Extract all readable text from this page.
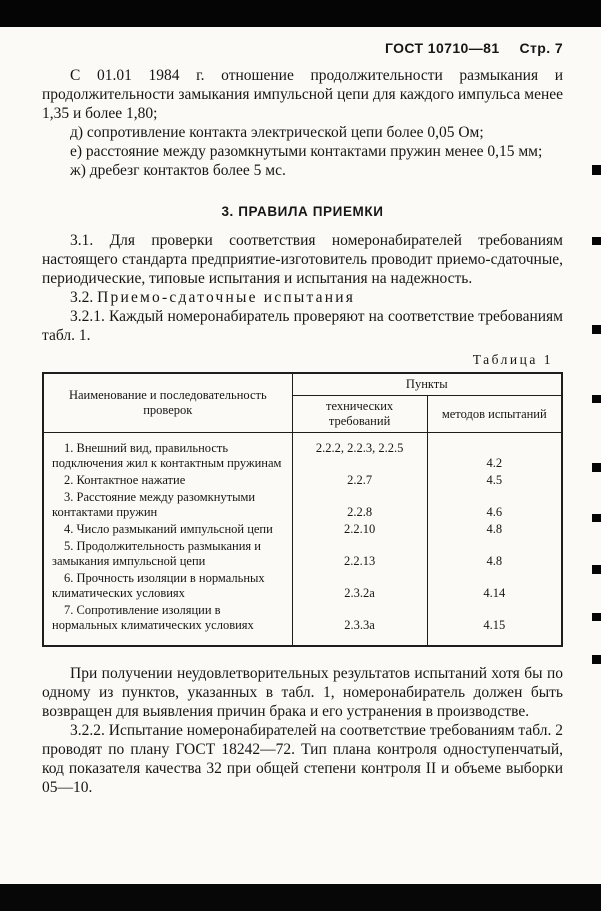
ГОСТ 10710—81 Стр. 7

С 01.01 1984 г. отношение продолжительности размыкания и продолжительности замыкания импульсной цепи для каждого импульса менее 1,35 и более 1,80;

д) сопротивление контакта электрической цепи более 0,05 Ом;

е) расстояние между разомкнутыми контактами пружин менее 0,15 мм;

ж) дребезг контактов более 5 мс.

3. ПРАВИЛА ПРИЕМКИ

3.1. Для проверки соответствия номеронабирателей требованиям настоящего стандарта предприятие-изготовитель проводит приемо-сдаточные, периодические, типовые испытания и испытания на надежность.

3.2. Приемо-сдаточные испытания

3.2.1. Каждый номеронабиратель проверяют на соответствие требованиям табл. 1.

Таблица 1
Наименование и последовательность проверок	Пункты	
	технических требований	методов испытаний
1. Внешний вид, правильность подключения жил к контактным пружинам	2.2.2, 2.2.3, 2.2.5	4.2
2. Контактное нажатие	2.2.7	4.5
3. Расстояние между разомкнутыми контактами пружин	2.2.8	4.6
4. Число размыканий импульсной цепи	2.2.10	4.8
5. Продолжительность размыкания и замыкания импульсной цепи	2.2.13	4.8
6. Прочность изоляции в нормальных климатических условиях	2.3.2а	4.14
7. Сопротивление изоляции в нормальных климатических условиях	2.3.3а	4.15

При получении неудовлетворительных результатов испытаний хотя бы по одному из пунктов, указанных в табл. 1, номеронабиратель должен быть возвращен для выявления причин брака и его устранения в производстве.

3.2.2. Испытание номеронабирателей на соответствие требованиям табл. 2 проводят по плану ГОСТ 18242—72. Тип плана контроля одноступенчатый, код показателя качества 32 при общей степени контроля II и объеме выборки 05—10.
